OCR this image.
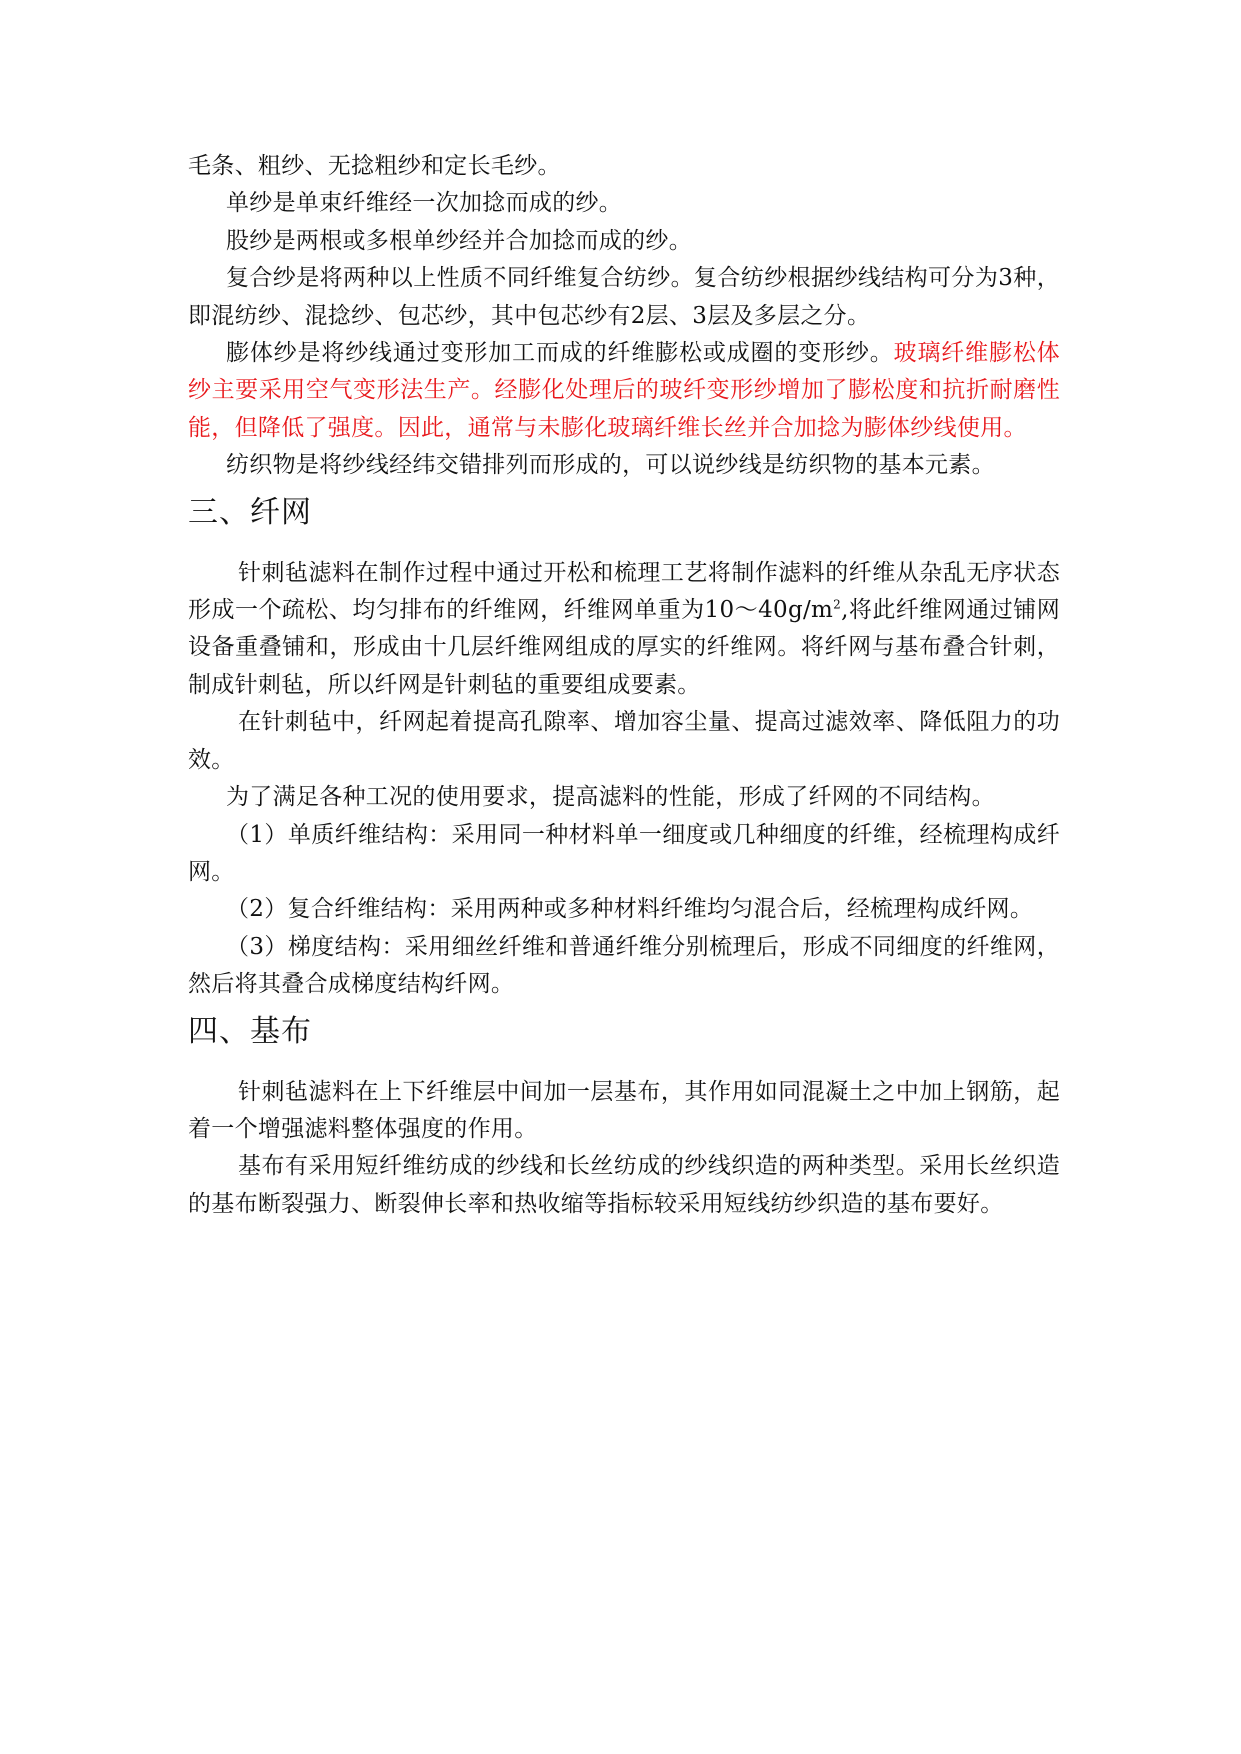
毛条、粗纱、无捻粗纱和定长毛纱。

单纱是单束纤维经一次加捻而成的纱。

股纱是两根或多根单纱经并合加捻而成的纱。

复合纱是将两种以上性质不同纤维复合纺纱。复合纺纱根据纱线结构可分为3种，即混纺纱、混捻纱、包芯纱，其中包芯纱有2层、3层及多层之分。

膨体纱是将纱线通过变形加工而成的纤维膨松或成圈的变形纱。玻璃纤维膨松体纱主要采用空气变形法生产。经膨化处理后的玻纤变形纱增加了膨松度和抗折耐磨性能，但降低了强度。因此，通常与未膨化玻璃纤维长丝并合加捻为膨体纱线使用。

纺织物是将纱线经纬交错排列而形成的，可以说纱线是纺织物的基本元素。

三、纤网

针刺毡滤料在制作过程中通过开松和梳理工艺将制作滤料的纤维从杂乱无序状态形成一个疏松、均匀排布的纤维网，纤维网单重为$10\sim 40g/m^2$,将此纤维网通过铺网设备重叠铺和，形成由十几层纤维网组成的厚实的纤维网。将纤网与基布叠合针刺，制成针刺毡，所以纤网是针刺毡的重要组成要素。

在针刺毡中，纤网起着提高孔隙率、增加容尘量、提高过滤效率、降低阻力的功效。

为了满足各种工况的使用要求，提高滤料的性能，形成了纤网的不同结构。

（1）单质纤维结构：采用同一种材料单一细度或几种细度的纤维，经梳理构成纤网。

（2）复合纤维结构：采用两种或多种材料纤维均匀混合后，经梳理构成纤网。

（3）梯度结构：采用细丝纤维和普通纤维分别梳理后，形成不同细度的纤维网，然后将其叠合成梯度结构纤网。

四、基布

针刺毡滤料在上下纤维层中间加一层基布，其作用如同混凝土之中加上钢筋，起着一个增强滤料整体强度的作用。

基布有采用短纤维纺成的纱线和长丝纺成的纱线织造的两种类型。采用长丝织造的基布断裂强力、断裂伸长率和热收缩等指标较采用短线纺纱织造的基布要好。
